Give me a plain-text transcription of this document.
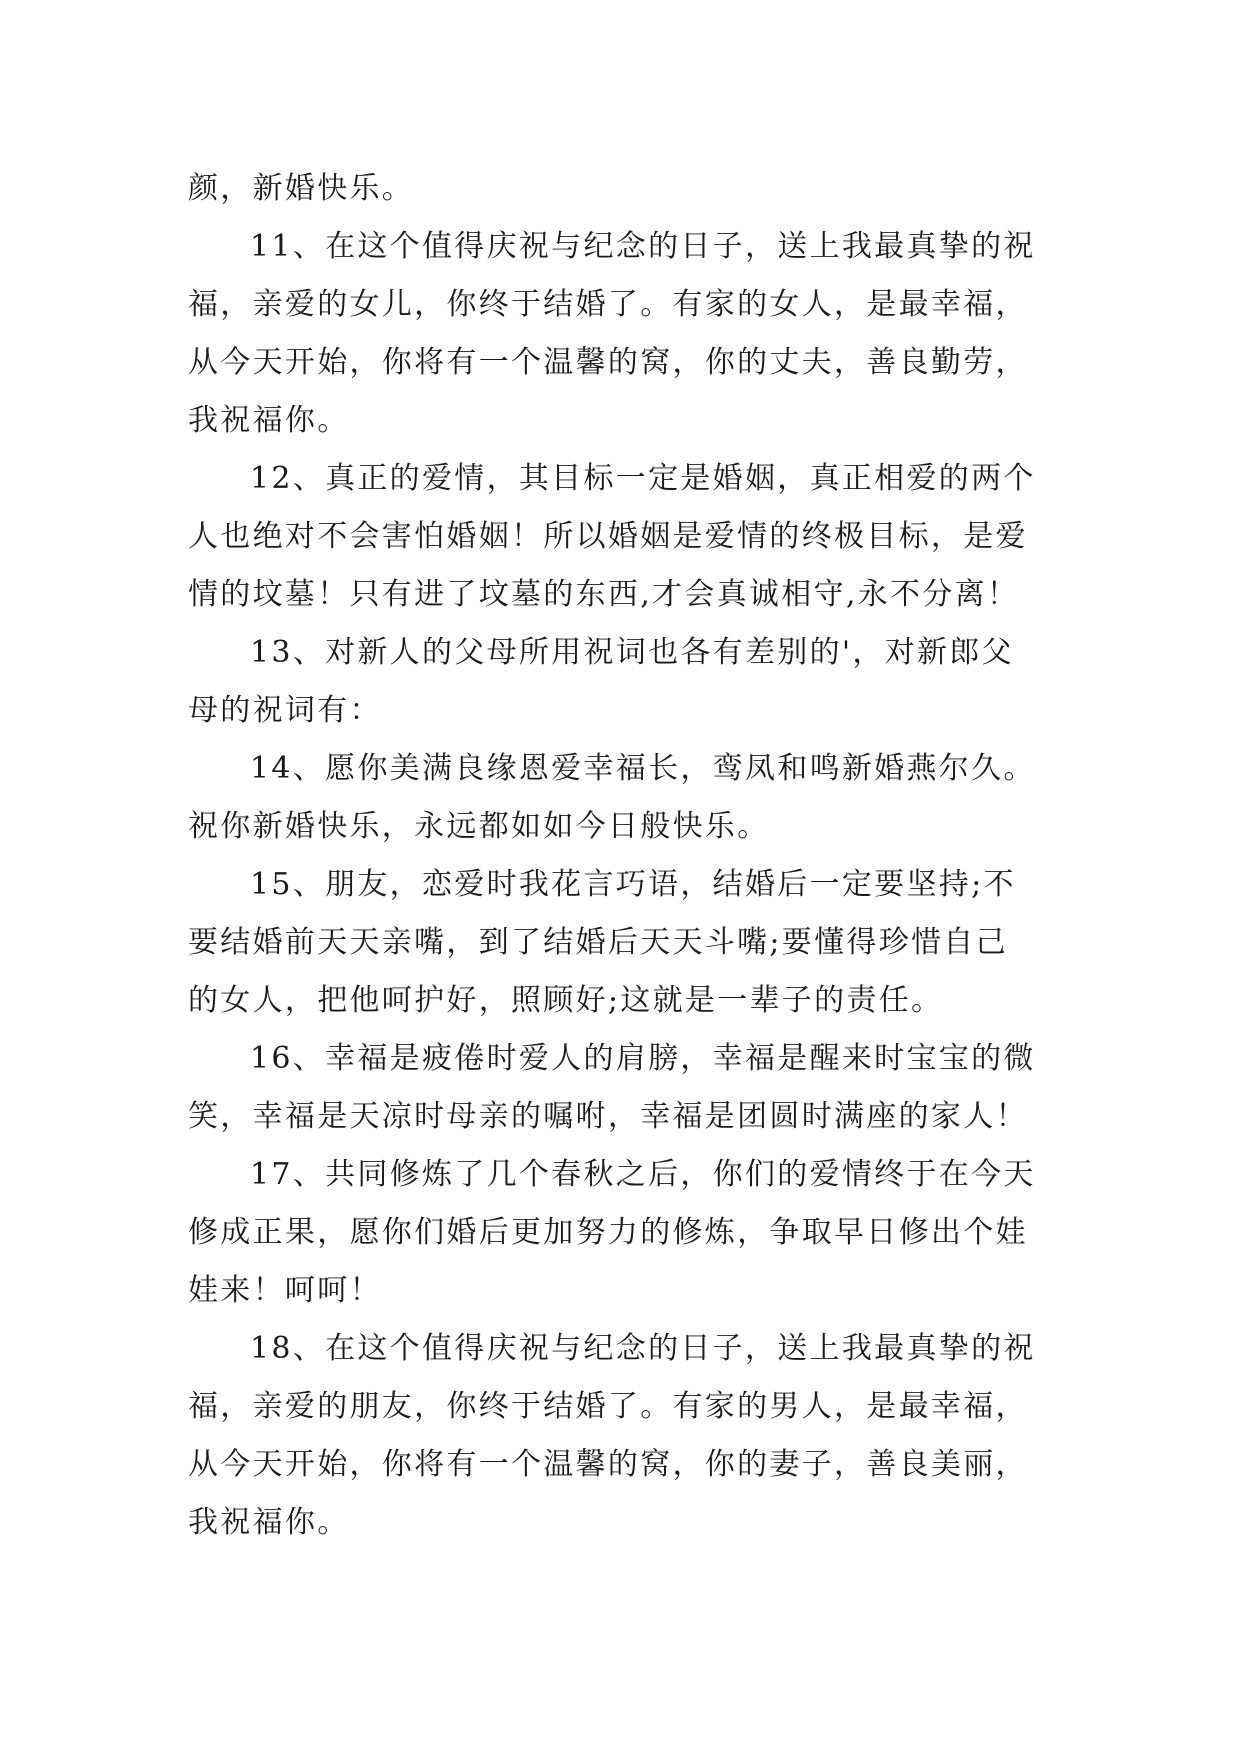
颜，新婚快乐。
11、在这个值得庆祝与纪念的日子，送上我最真挚的祝
福，亲爱的女儿，你终于结婚了。有家的女人，是最幸福，
从今天开始，你将有一个温馨的窝，你的丈夫，善良勤劳，
我祝福你。
12、真正的爱情，其目标一定是婚姻，真正相爱的两个
人也绝对不会害怕婚姻！所以婚姻是爱情的终极目标，是爱
情的坟墓！只有进了坟墓的东西,才会真诚相守,永不分离！
13、对新人的父母所用祝词也各有差别的'，对新郎父
母的祝词有：
14、愿你美满良缘恩爱幸福长，鸾凤和鸣新婚燕尔久。
祝你新婚快乐，永远都如如今日般快乐。
15、朋友，恋爱时我花言巧语，结婚后一定要坚持;不
要结婚前天天亲嘴，到了结婚后天天斗嘴;要懂得珍惜自己
的女人，把他呵护好，照顾好;这就是一辈子的责任。
16、幸福是疲倦时爱人的肩膀，幸福是醒来时宝宝的微
笑，幸福是天凉时母亲的嘱咐，幸福是团圆时满座的家人！
17、共同修炼了几个春秋之后，你们的爱情终于在今天
修成正果，愿你们婚后更加努力的修炼，争取早日修出个娃
娃来！呵呵！
18、在这个值得庆祝与纪念的日子，送上我最真挚的祝
福，亲爱的朋友，你终于结婚了。有家的男人，是最幸福，
从今天开始，你将有一个温馨的窝，你的妻子，善良美丽，
我祝福你。
